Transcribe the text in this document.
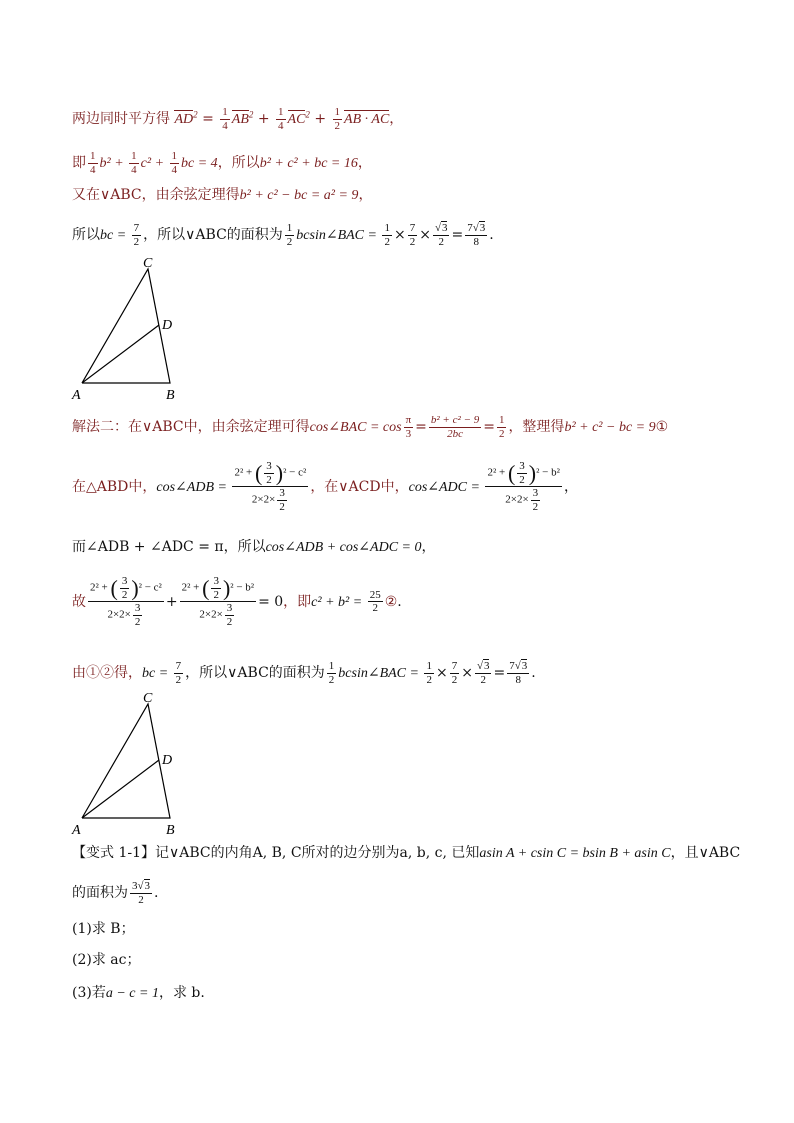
两边同时平方得 $AD^2 = \frac{1}{4} AB^2 + \frac{1}{4} AC^2 + \frac{1}{2}$ AB · AC，
即 $\frac{1}{4} b^2 + \frac{1}{4} c^2 + \frac{1}{4}$ bc = 4，所以b² + c² + bc = 16，
又在∨ABC，由余弦定理得b² + c² − bc = a² = 9，
所以bc = $\frac{7}{2}$ ，所以∨ABC的面积为 $\frac{1}{2}$ bcsin∠BAC = $\frac{1}{2} \times \frac{7}{2} \times \frac{√3}{2} = \frac{7√3}{8}$ .
C
D
A	B
解法二：在∨ABC中，由余弦定理可得cos∠BAC = $\cos \frac{\pi}{3} = \frac{\text{b² + c² − 9}}{2bc} = \frac{1}{2}$ ，整理得b² + c² − bc = 9①
在△ABD中，cos∠ADB = $\frac{2^2 + ( \frac{3}{2} )^2 - c^2}{2\times 2\times \frac{3}{2}}$ ，在∨ACD中，cos∠ADC = $\frac{2^2 + ( \frac{3}{2} )^2 - b^2}{2\times 2\times \frac{3}{2}}$ ，
而∠ADB + ∠ADC = π，所以cos∠ADB + cos∠ADC = 0，
故 $\frac{2^2 + ( \frac{3}{2} )^2 - c^2}{2\times 2\times \frac{3}{2}} + \frac{2^2 + ( \frac{3}{2} )^2 - b^2}{2\times 2\times \frac{3}{2}} = 0$，即$c^2 + b^2 = \frac{25}{2}$ ②.
由①②得，bc = $\frac{7}{2}$ ，所以∨ABC的面积为 $\frac{1}{2}$ bcsin∠BAC = $\frac{1}{2} \times \frac{7}{2} \times \frac{√3}{2} = \frac{7√3}{8}$ .
C
D
A	B
【变式 1-1】记∨ABC的内角A, B, C所对的边分别为a, b, c, 已知asin A + csin C = bsin B + asin C，且∨ABC
的面积为 $\frac{3√3}{2}$ .
(1)求 B；
(2)求 ac；
(3)若a − c = 1，求 b.
